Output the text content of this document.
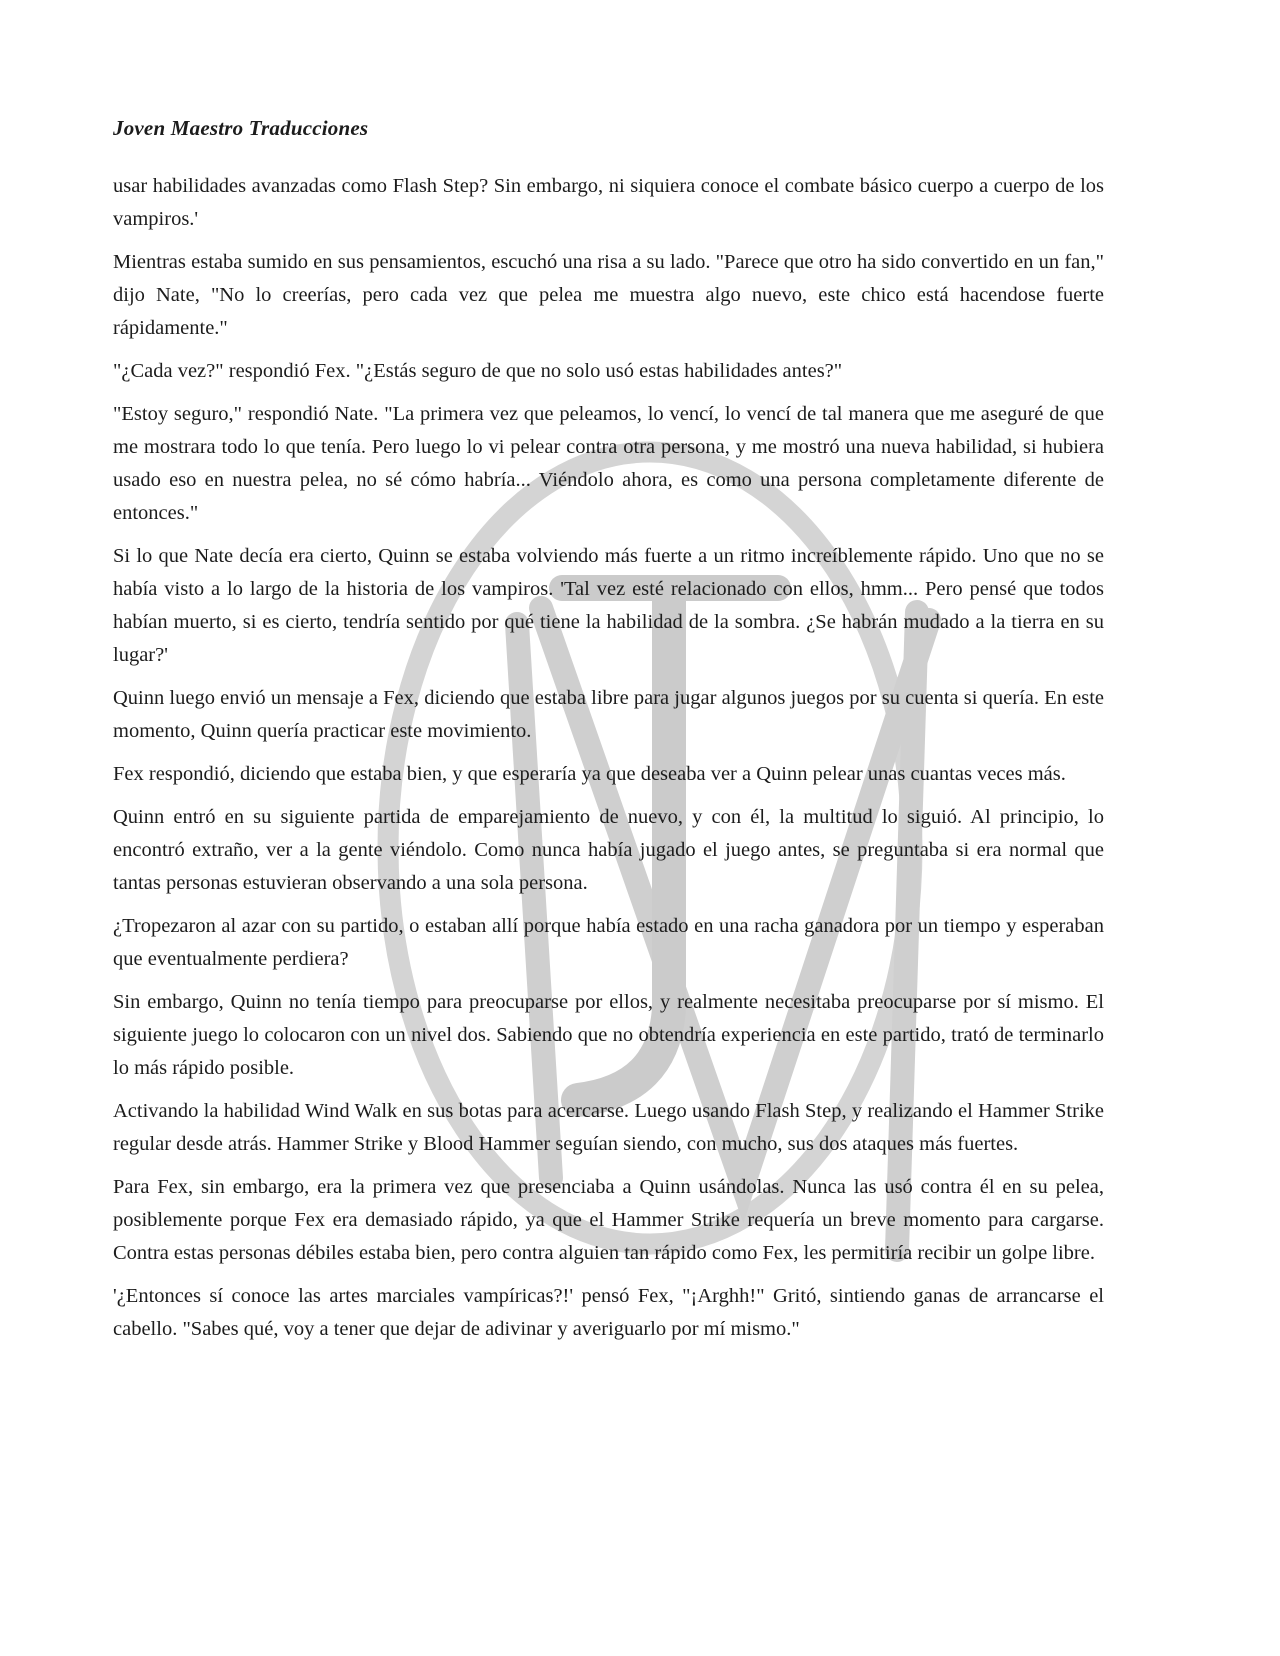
Joven Maestro Traducciones

usar habilidades avanzadas como Flash Step? Sin embargo, ni siquiera conoce el combate básico cuerpo a cuerpo de los vampiros.'

Mientras estaba sumido en sus pensamientos, escuchó una risa a su lado. "Parece que otro ha sido convertido en un fan," dijo Nate, "No lo creerías, pero cada vez que pelea me muestra algo nuevo, este chico está hacendose fuerte rápidamente."

"¿Cada vez?" respondió Fex. "¿Estás seguro de que no solo usó estas habilidades antes?"

"Estoy seguro," respondió Nate. "La primera vez que peleamos, lo vencí, lo vencí de tal manera que me aseguré de que me mostrara todo lo que tenía. Pero luego lo vi pelear contra otra persona, y me mostró una nueva habilidad, si hubiera usado eso en nuestra pelea, no sé cómo habría... Viéndolo ahora, es como una persona completamente diferente de entonces."

Si lo que Nate decía era cierto, Quinn se estaba volviendo más fuerte a un ritmo increíblemente rápido. Uno que no se había visto a lo largo de la historia de los vampiros. 'Tal vez esté relacionado con ellos, hmm... Pero pensé que todos habían muerto, si es cierto, tendría sentido por qué tiene la habilidad de la sombra. ¿Se habrán mudado a la tierra en su lugar?'

Quinn luego envió un mensaje a Fex, diciendo que estaba libre para jugar algunos juegos por su cuenta si quería. En este momento, Quinn quería practicar este movimiento.

Fex respondió, diciendo que estaba bien, y que esperaría ya que deseaba ver a Quinn pelear unas cuantas veces más.

Quinn entró en su siguiente partida de emparejamiento de nuevo, y con él, la multitud lo siguió. Al principio, lo encontró extraño, ver a la gente viéndolo. Como nunca había jugado el juego antes, se preguntaba si era normal que tantas personas estuvieran observando a una sola persona.

¿Tropezaron al azar con su partido, o estaban allí porque había estado en una racha ganadora por un tiempo y esperaban que eventualmente perdiera?

Sin embargo, Quinn no tenía tiempo para preocuparse por ellos, y realmente necesitaba preocuparse por sí mismo. El siguiente juego lo colocaron con un nivel dos. Sabiendo que no obtendría experiencia en este partido, trató de terminarlo lo más rápido posible.

Activando la habilidad Wind Walk en sus botas para acercarse. Luego usando Flash Step, y realizando el Hammer Strike regular desde atrás. Hammer Strike y Blood Hammer seguían siendo, con mucho, sus dos ataques más fuertes.

Para Fex, sin embargo, era la primera vez que presenciaba a Quinn usándolas. Nunca las usó contra él en su pelea, posiblemente porque Fex era demasiado rápido, ya que el Hammer Strike requería un breve momento para cargarse. Contra estas personas débiles estaba bien, pero contra alguien tan rápido como Fex, les permitiría recibir un golpe libre.

'¿Entonces sí conoce las artes marciales vampíricas?!' pensó Fex, "¡Arghh!" Gritó, sintiendo ganas de arrancarse el cabello. "Sabes qué, voy a tener que dejar de adivinar y averiguarlo por mí mismo."
